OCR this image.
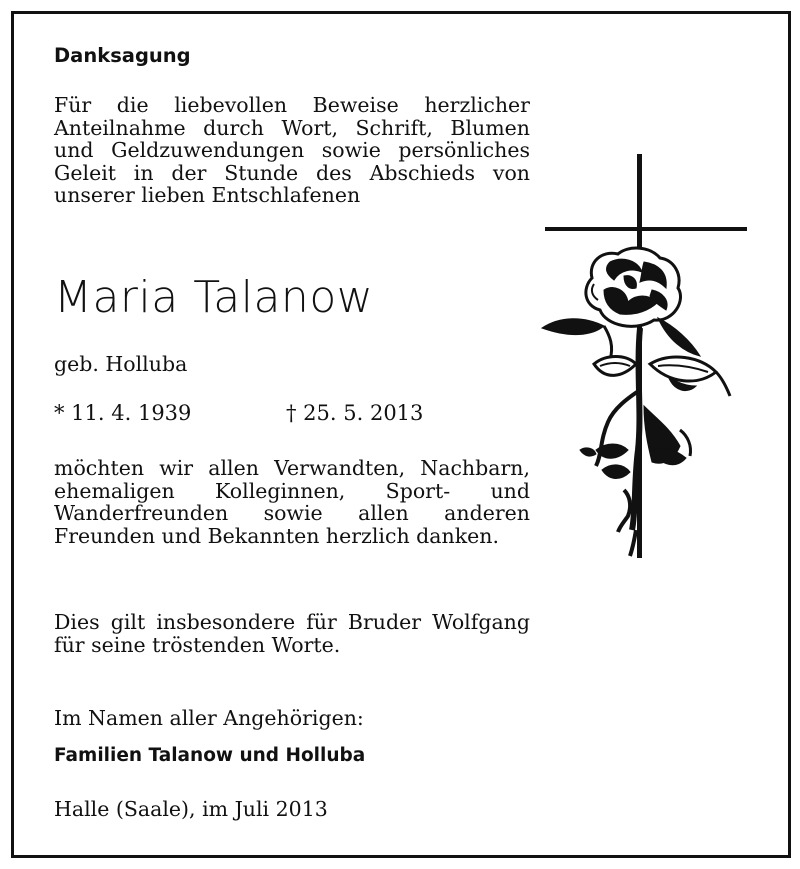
Danksagung
Für die liebevollen Beweise herzlicher Anteilnahme durch Wort, Schrift, Blumen und Geldzuwendungen sowie persönliches Geleit in der Stunde des Abschieds von unserer lieben Entschlafenen
Maria Talanow
geb. Holluba
* 11. 4. 1939	† 25. 5. 2013
möchten wir allen Verwandten, Nachbarn, ehemaligen Kolleginnen, Sport- und Wanderfreunden sowie allen anderen Freunden und Bekannten herzlich danken.
Dies gilt insbesondere für Bruder Wolfgang für seine tröstenden Worte.
Im Namen aller Angehörigen:
Familien Talanow und Holluba
Halle (Saale), im Juli 2013
